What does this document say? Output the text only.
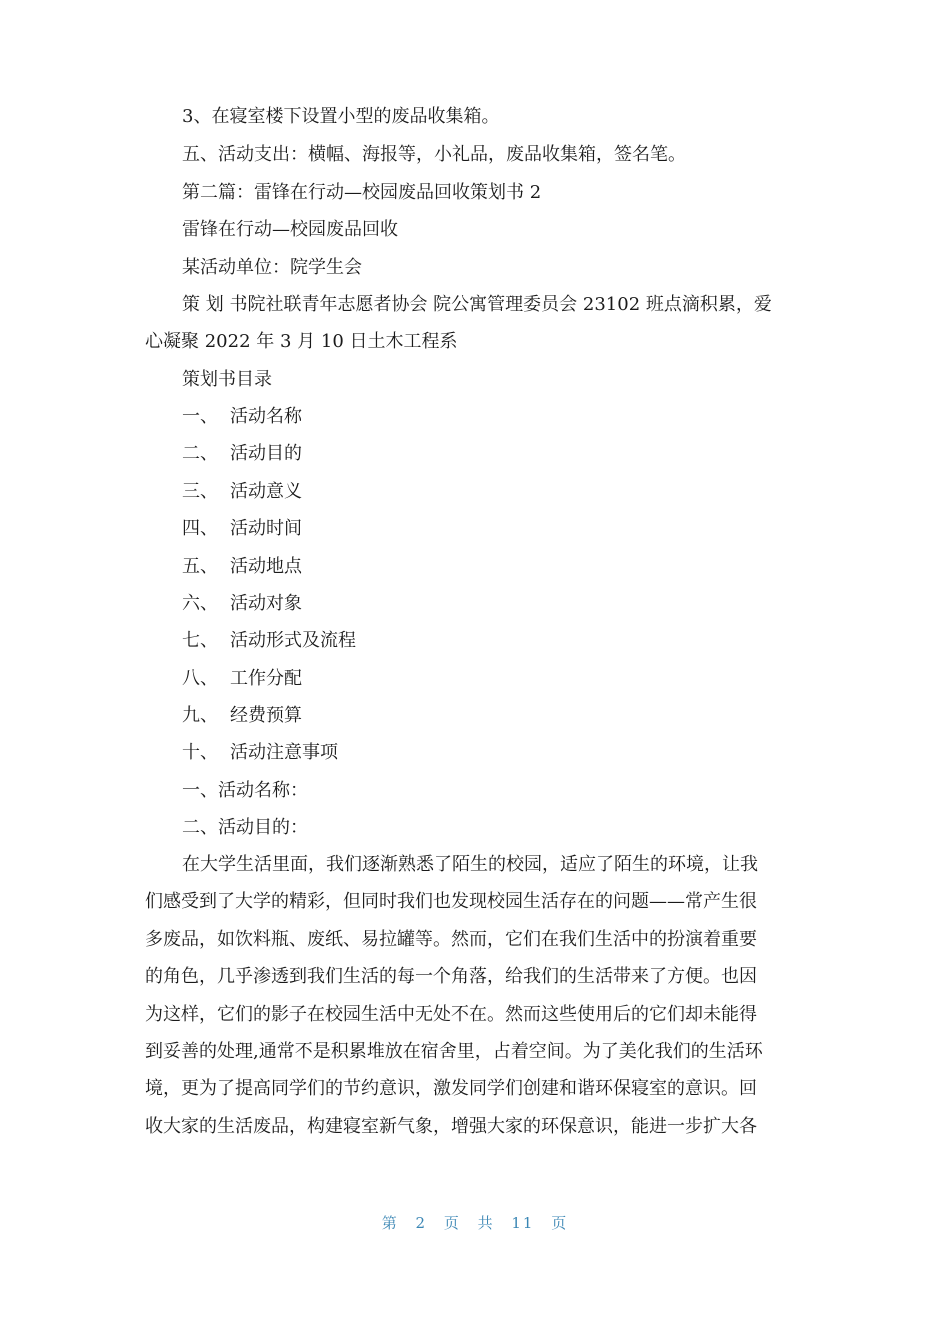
3、在寝室楼下设置小型的废品收集箱。
五、活动支出：横幅、海报等，小礼品，废品收集箱，签名笔。
第二篇：雷锋在行动—校园废品回收策划书 2
雷锋在行动—校园废品回收
某活动单位：院学生会
策 划 书院社联青年志愿者协会 院公寓管理委员会 23102 班点滴积累，爱
心凝聚 2022 年 3 月 10 日土木工程系
策划书目录
一、 活动名称
二、 活动目的
三、 活动意义
四、 活动时间
五、 活动地点
六、 活动对象
七、 活动形式及流程
八、 工作分配
九、 经费预算
十、 活动注意事项
一、活动名称：
二、活动目的：
在大学生活里面，我们逐渐熟悉了陌生的校园，适应了陌生的环境，让我
们感受到了大学的精彩，但同时我们也发现校园生活存在的问题——常产生很
多废品，如饮料瓶、废纸、易拉罐等。然而，它们在我们生活中的扮演着重要
的角色，几乎渗透到我们生活的每一个角落，给我们的生活带来了方便。也因
为这样，它们的影子在校园生活中无处不在。然而这些使用后的它们却未能得
到妥善的处理,通常不是积累堆放在宿舍里，占着空间。为了美化我们的生活环
境，更为了提高同学们的节约意识，激发同学们创建和谐环保寝室的意识。回
收大家的生活废品，构建寝室新气象，增强大家的环保意识，能进一步扩大各
第 2 页 共 11 页
